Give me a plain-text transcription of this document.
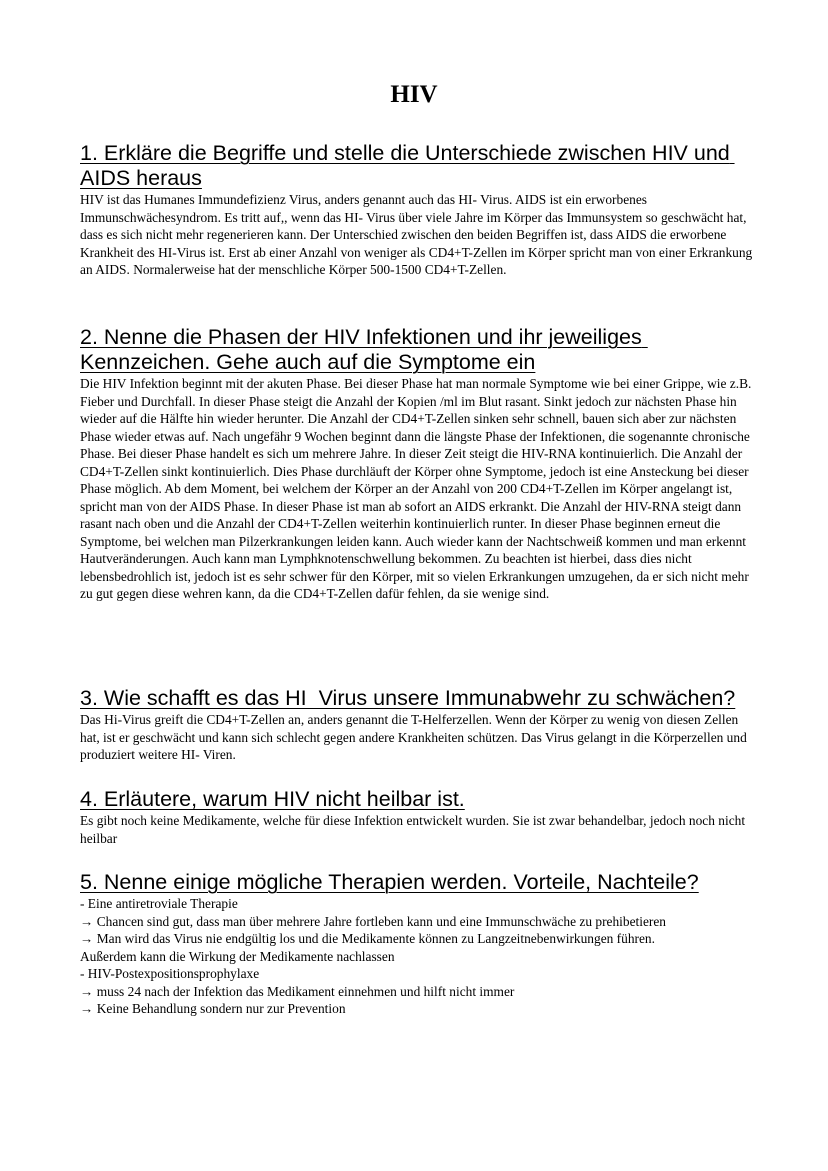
HIV
1. Erkläre die Begriffe und stelle die Unterschiede zwischen HIV und AIDS heraus

HIV ist das Humanes Immundefizienz Virus, anders genannt auch das HI- Virus. AIDS ist ein erworbenes Immunschwächesyndrom. Es tritt auf,, wenn das HI- Virus über viele Jahre im Körper das Immunsystem so geschwächt hat, dass es sich nicht mehr regenerieren kann. Der Unterschied zwischen den beiden Begriffen ist, dass AIDS die erworbene Krankheit des HI-Virus ist. Erst ab einer Anzahl von weniger als CD4+T-Zellen im Körper spricht man von einer Erkrankung an AIDS. Normalerweise hat der menschliche Körper 500-1500 CD4+T-Zellen.

2. Nenne die Phasen der HIV Infektionen und ihr jeweiliges Kennzeichen. Gehe auch auf die Symptome ein

Die HIV Infektion beginnt mit der akuten Phase. Bei dieser Phase hat man normale Symptome wie bei einer Grippe, wie z.B. Fieber und Durchfall. In dieser Phase steigt die Anzahl der Kopien /ml im Blut rasant. Sinkt jedoch zur nächsten Phase hin wieder auf die Hälfte hin wieder herunter. Die Anzahl der CD4+T-Zellen sinken sehr schnell, bauen sich aber zur nächsten Phase wieder etwas auf. Nach ungefähr 9 Wochen beginnt dann die längste Phase der Infektionen, die sogenannte chronische Phase. Bei dieser Phase handelt es sich um mehrere Jahre. In dieser Zeit steigt die HIV-RNA kontinuierlich. Die Anzahl der CD4+T-Zellen sinkt kontinuierlich. Dies Phase durchläuft der Körper ohne Symptome, jedoch ist eine Ansteckung bei dieser Phase möglich. Ab dem Moment, bei welchem der Körper an der Anzahl von 200 CD4+T-Zellen im Körper angelangt ist, spricht man von der AIDS Phase. In dieser Phase ist man ab sofort an AIDS erkrankt. Die Anzahl der HIV-RNA steigt dann rasant nach oben und die Anzahl der CD4+T-Zellen weiterhin kontinuierlich runter. In dieser Phase beginnen erneut die Symptome, bei welchen man Pilzerkrankungen leiden kann. Auch wieder kann der Nachtschweiß kommen und man erkennt Hautveränderungen. Auch kann man Lymphknotenschwellung bekommen. Zu beachten ist hierbei, dass dies nicht lebensbedrohlich ist, jedoch ist es sehr schwer für den Körper, mit so vielen Erkrankungen umzugehen, da er sich nicht mehr zu gut gegen diese wehren kann, da die CD4+T-Zellen dafür fehlen, da sie wenige sind.

3. Wie schafft es das HI  Virus unsere Immunabwehr zu schwächen?

Das Hi-Virus greift die CD4+T-Zellen an, anders genannt die T-Helferzellen. Wenn der Körper zu wenig von diesen Zellen hat, ist er geschwächt und kann sich schlecht gegen andere Krankheiten schützen. Das Virus gelangt in die Körperzellen und produziert weitere HI- Viren.

4. Erläutere, warum HIV nicht heilbar ist.

Es gibt noch keine Medikamente, welche für diese Infektion entwickelt wurden. Sie ist zwar behandelbar, jedoch noch nicht heilbar

5. Nenne einige mögliche Therapien werden. Vorteile, Nachteile?
- Eine antiretroviale Therapie
→ Chancen sind gut, dass man über mehrere Jahre fortleben kann und eine Immunschwäche zu prehibetieren
→ Man wird das Virus nie endgültig los und die Medikamente können zu Langzeitnebenwirkungen führen.
Außerdem kann die Wirkung der Medikamente nachlassen
- HIV-Postexpositionsprophylaxe
→ muss 24 nach der Infektion das Medikament einnehmen und hilft nicht immer
→ Keine Behandlung sondern nur zur Prevention
